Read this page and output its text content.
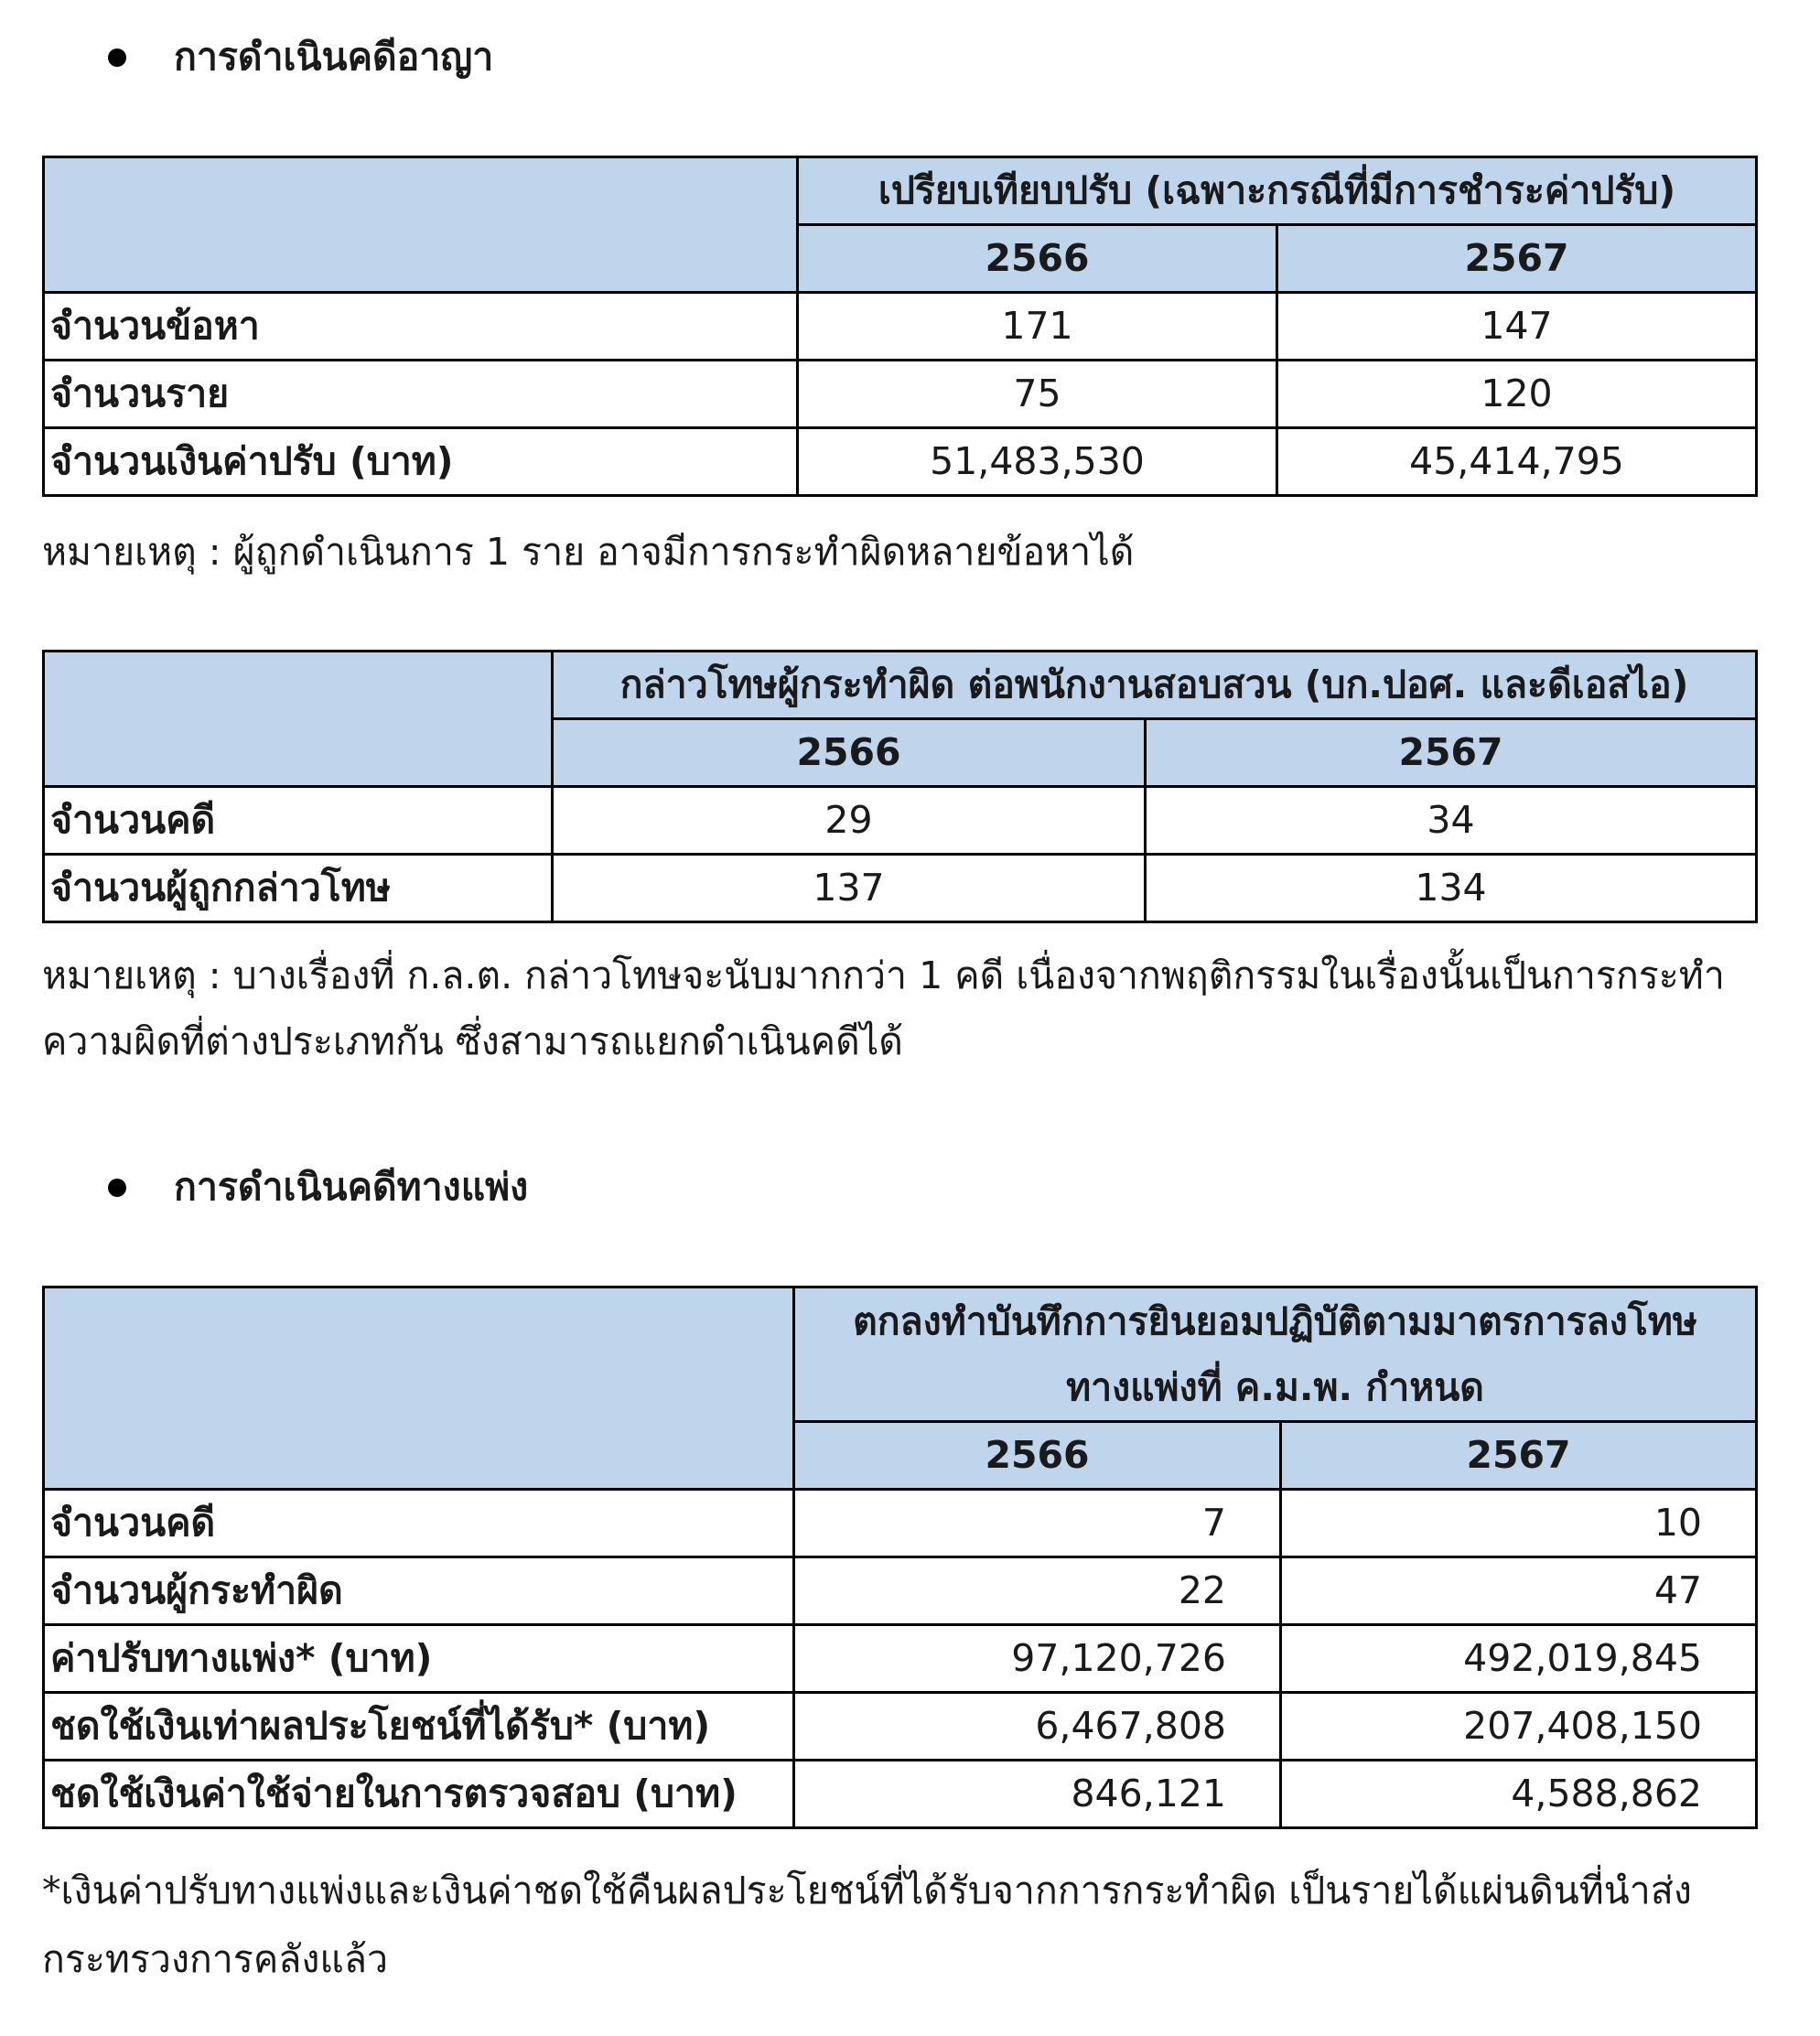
การดำเนินคดีอาญา
	เปรียบเทียบปรับ (เฉพาะกรณีที่มีการชำระค่าปรับ)	
	2566	2567
จำนวนข้อหา	171	147
จำนวนราย	75	120
จำนวนเงินค่าปรับ (บาท)	51,483,530	45,414,795
หมายเหตุ : ผู้ถูกดำเนินการ 1 ราย อาจมีการกระทำผิดหลายข้อหาได้
	กล่าวโทษผู้กระทำผิด ต่อพนักงานสอบสวน (บก.ปอศ. และดีเอสไอ)	
	2566	2567
จำนวนคดี	29	34
จำนวนผู้ถูกกล่าวโทษ	137	134
หมายเหตุ : บางเรื่องที่ ก.ล.ต. กล่าวโทษจะนับมากกว่า 1 คดี เนื่องจากพฤติกรรมในเรื่องนั้นเป็นการกระทำ
ความผิดที่ต่างประเภทกัน ซึ่งสามารถแยกดำเนินคดีได้
การดำเนินคดีทางแพ่ง

	ตกลงทำบันทึกการยินยอมปฏิบัติตามมาตรการลงโทษ
ทางแพ่งที่ ค.ม.พ. กำหนด	

	2566	2567
จำนวนคดี	7	10
จำนวนผู้กระทำผิด	22	47
ค่าปรับทางแพ่ง* (บาท)	97,120,726	492,019,845
ชดใช้เงินเท่าผลประโยชน์ที่ได้รับ* (บาท)	6,467,808	207,408,150
ชดใช้เงินค่าใช้จ่ายในการตรวจสอบ (บาท)	846,121	4,588,862
*เงินค่าปรับทางแพ่งและเงินค่าชดใช้คืนผลประโยชน์ที่ได้รับจากการกระทำผิด เป็นรายได้แผ่นดินที่นำส่ง
กระทรวงการคลังแล้ว
